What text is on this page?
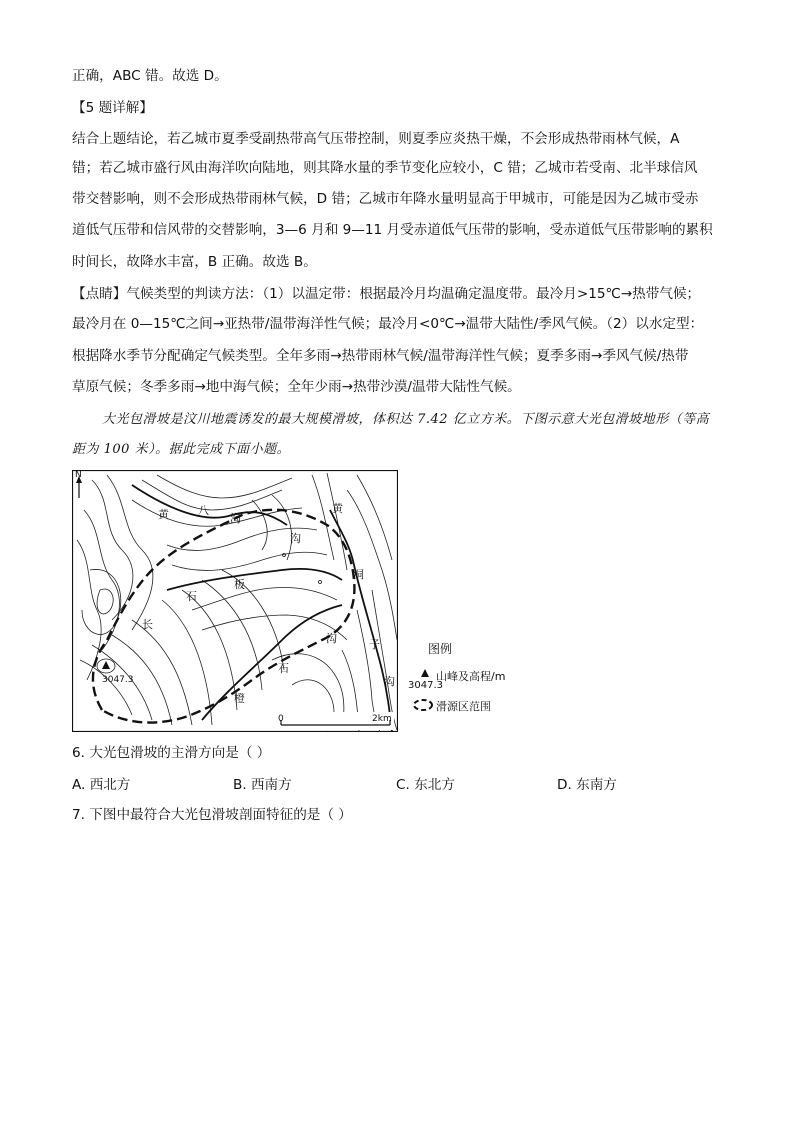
正确，ABC 错。故选 D。
【5 题详解】
结合上题结论，若乙城市夏季受副热带高气压带控制，则夏季应炎热干燥，不会形成热带雨林气候，A
错；若乙城市盛行风由海洋吹向陆地，则其降水量的季节变化应较小，C 错；乙城市若受南、北半球信风
带交替影响，则不会形成热带雨林气候，D 错；乙城市年降水量明显高于甲城市，可能是因为乙城市受赤
道低气压带和信风带的交替影响，3—6 月和 9—11 月受赤道低气压带的影响，受赤道低气压带影响的累积
时间长，故降水丰富，B 正确。故选 B。
【点睛】气候类型的判读方法：（1）以温定带：根据最冷月均温确定温度带。最冷月>15℃→热带气候；
最冷月在 0—15℃之间→亚热带/温带海洋性气候；最冷月<0℃→温带大陆性/季风气候。（2）以水定型：
根据降水季节分配确定气候类型。全年多雨→热带雨林气候/温带海洋性气候；夏季多雨→季风气候/热带
草原气候；冬季多雨→地中海气候；全年少雨→热带沙漠/温带大陆性气候。
大光包滑坡是汶川地震诱发的最大规模滑坡，体积达 7.42 亿立方米。下图示意大光包滑坡地形（等高
距为 100 米）。据此完成下面小题。
N
3047.3
黄	八
沟
黄
沟
洞
板
石
长
沟	子
沟
石
橙
0	2km
图例
山峰及高程/m
3047.3
滑源区范围
6. 大光包滑坡的主滑方向是（ ）
A. 西北方	B. 西南方	C. 东北方	D. 东南方
7. 下图中最符合大光包滑坡剖面特征的是（ ）
